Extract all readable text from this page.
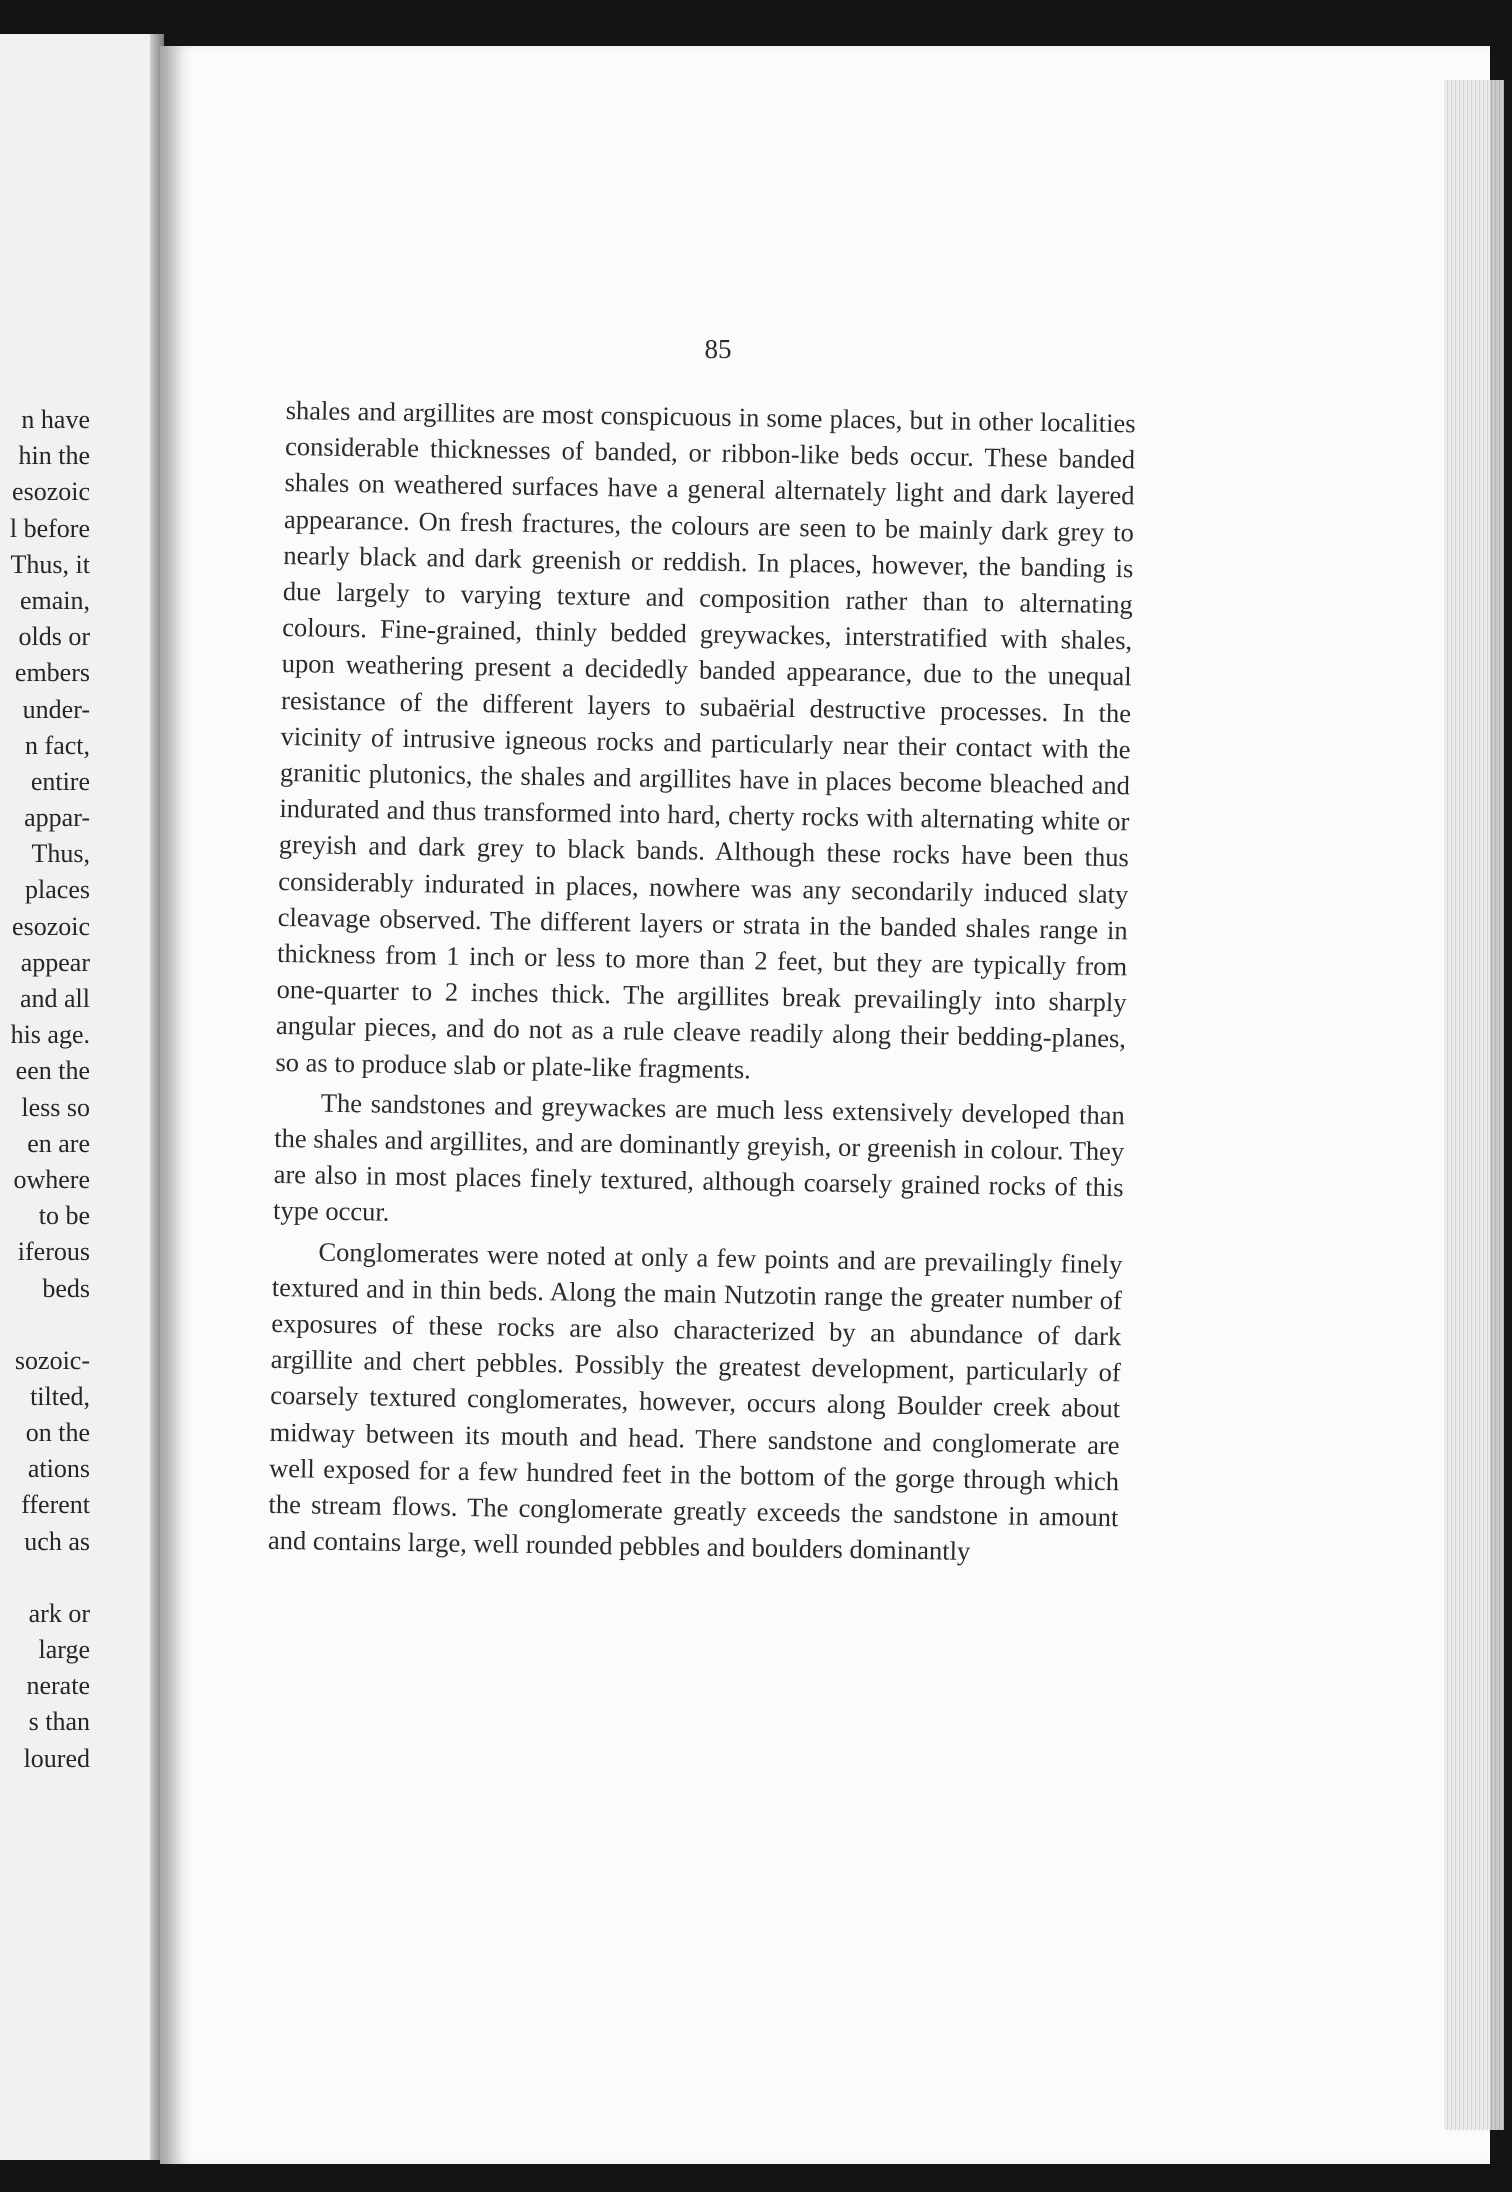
n have
hin the
esozoic
l before
Thus, it
emain,
olds or
embers
under-
n fact,
entire
appar-
Thus,
places
esozoic
appear
and all
his age.
een the
less so
en are
owhere
to be
iferous
beds
sozoic-
tilted,
on the
ations
fferent
uch as
ark or
large
nerate
s than
loured
85

shales and argillites are most conspicuous in some places, but in other localities considerable thicknesses of banded, or ribbon-like beds occur. These banded shales on weathered surfaces have a general alternately light and dark layered appearance. On fresh fractures, the colours are seen to be mainly dark grey to nearly black and dark greenish or reddish. In places, however, the banding is due largely to varying texture and composition rather than to alternating colours. Fine-grained, thinly bedded greywackes, interstratified with shales, upon weathering present a decidedly banded appearance, due to the unequal resistance of the different layers to subaërial destructive processes. In the vicinity of intrusive igneous rocks and particularly near their contact with the granitic plutonics, the shales and argillites have in places become bleached and indurated and thus transformed into hard, cherty rocks with alternating white or greyish and dark grey to black bands. Although these rocks have been thus considerably indurated in places, nowhere was any secondarily induced slaty cleavage observed. The different layers or strata in the banded shales range in thickness from 1 inch or less to more than 2 feet, but they are typically from one-quarter to 2 inches thick. The argillites break prevailingly into sharply angular pieces, and do not as a rule cleave readily along their bedding-planes, so as to produce slab or plate-like fragments.

The sandstones and greywackes are much less extensively developed than the shales and argillites, and are dominantly greyish, or greenish in colour. They are also in most places finely textured, although coarsely grained rocks of this type occur.

Conglomerates were noted at only a few points and are prevailingly finely textured and in thin beds. Along the main Nutzotin range the greater number of exposures of these rocks are also characterized by an abundance of dark argillite and chert pebbles. Possibly the greatest development, particularly of coarsely textured conglomerates, however, occurs along Boulder creek about midway between its mouth and head. There sandstone and conglomerate are well exposed for a few hundred feet in the bottom of the gorge through which the stream flows. The conglomerate greatly exceeds the sandstone in amount and contains large, well rounded pebbles and boulders dominantly
